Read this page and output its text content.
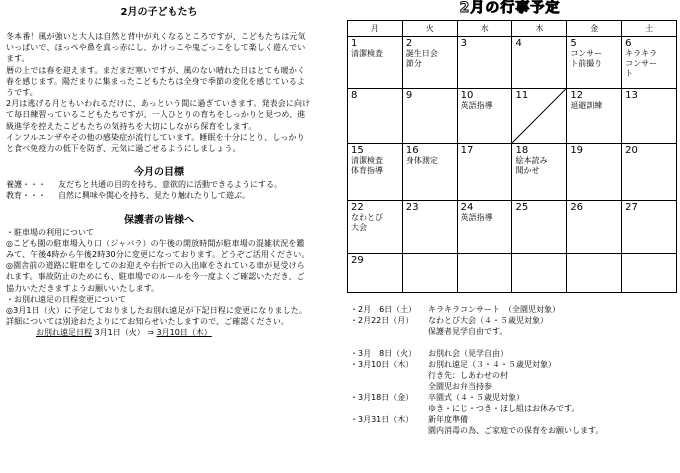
2月の子どもたち

冬本番！風が強いと大人は自然と背中が丸くなるところですが、こどもたちは元気いっぱいで、ほっぺや鼻を真っ赤にし、かけっこや鬼ごっこをして楽しく遊んでいます。
暦の上では春を迎えます。まだまだ寒いですが、風のない晴れた日はとても暖かく春を感じます。陽だまりに集まったこどもたちは全身で季節の変化を感じているようです。
2月は逃げる月ともいわれるだけに、あっという間に過ぎていきます。発表会に向けて毎日練習っているこどもたちですが、一人ひとりの育ちをしっかりと見つめ、進級進学を控えたこどもたちの気持ちを大切にしながら保育をします。
インフルエンザやその他の感染症が流行しています。睡眠を十分にとり、しっかりと食べ免疫力の低下を防ぎ、元気に過ごせるようにしましょう。

今月の目標
養護・・・	友だちと共通の目的を持ち、意欲的に活動できるようにする。
教育・・・	自然に興味や関心を持ち、見たり触れたりして遊ぶ。
保護者の皆様へ

・駐車場の利用について

◎こども園の駐車場入り口（ジャバラ）の午後の開放時間が駐車場の混雑状況を鑑みて、午後4時から午後2時30分に変更になっております。どうぞご活用ください。

◎園舎前の道路に駐車をしてのお迎えや右折での入出庫をされている車が見受けられます。事故防止のためにも、駐車場でのルールを今一度よくご確認いただき、ご協力いただきますようお願いいたします。

・お別れ遠足の日程変更について

◎3月1日（火）に予定しておりましたお別れ遠足が下記日程に変更になりました。詳細については別途おたよりにてお知らせいたしますので、ご確認ください。

お別れ遠足日程 3月1日（火） ⇒ 3月10日（木）

2月の行事予定
月	火	水	木	金	土

1
清潔検査	2
誕生日会
節分	3	4	5
コンサー
ト前撮り	6
キラキラ
コンサー
ト

8	9	10
英語指導	11	12
退避訓練	13

15
清潔検査
体育指導	16
身体測定	17	18
絵本読み
聞かせ	19	20

22
なわとび
大会	23	24
英語指導	25	26	27

29					

・2月　6日（土）	キラキラコンサート　（全園児対象）
・2月22日（月）	なわとび大会（４・５歳児対象）
保護者見学自由です。
・3月　8日（火）	お別れ会（見学自由）
・3月10日（木）	お別れ遠足（３・４・５歳児対象）
行き先：しあわせの村
全園児お弁当持参
・3月18日（金）	卒園式（４・５歳児対象）
ゆき・にじ・つき・ほし組はお休みです。
・3月31日（木）	新年度準備
園内消毒の為、ご家庭での保育をお願いします。
